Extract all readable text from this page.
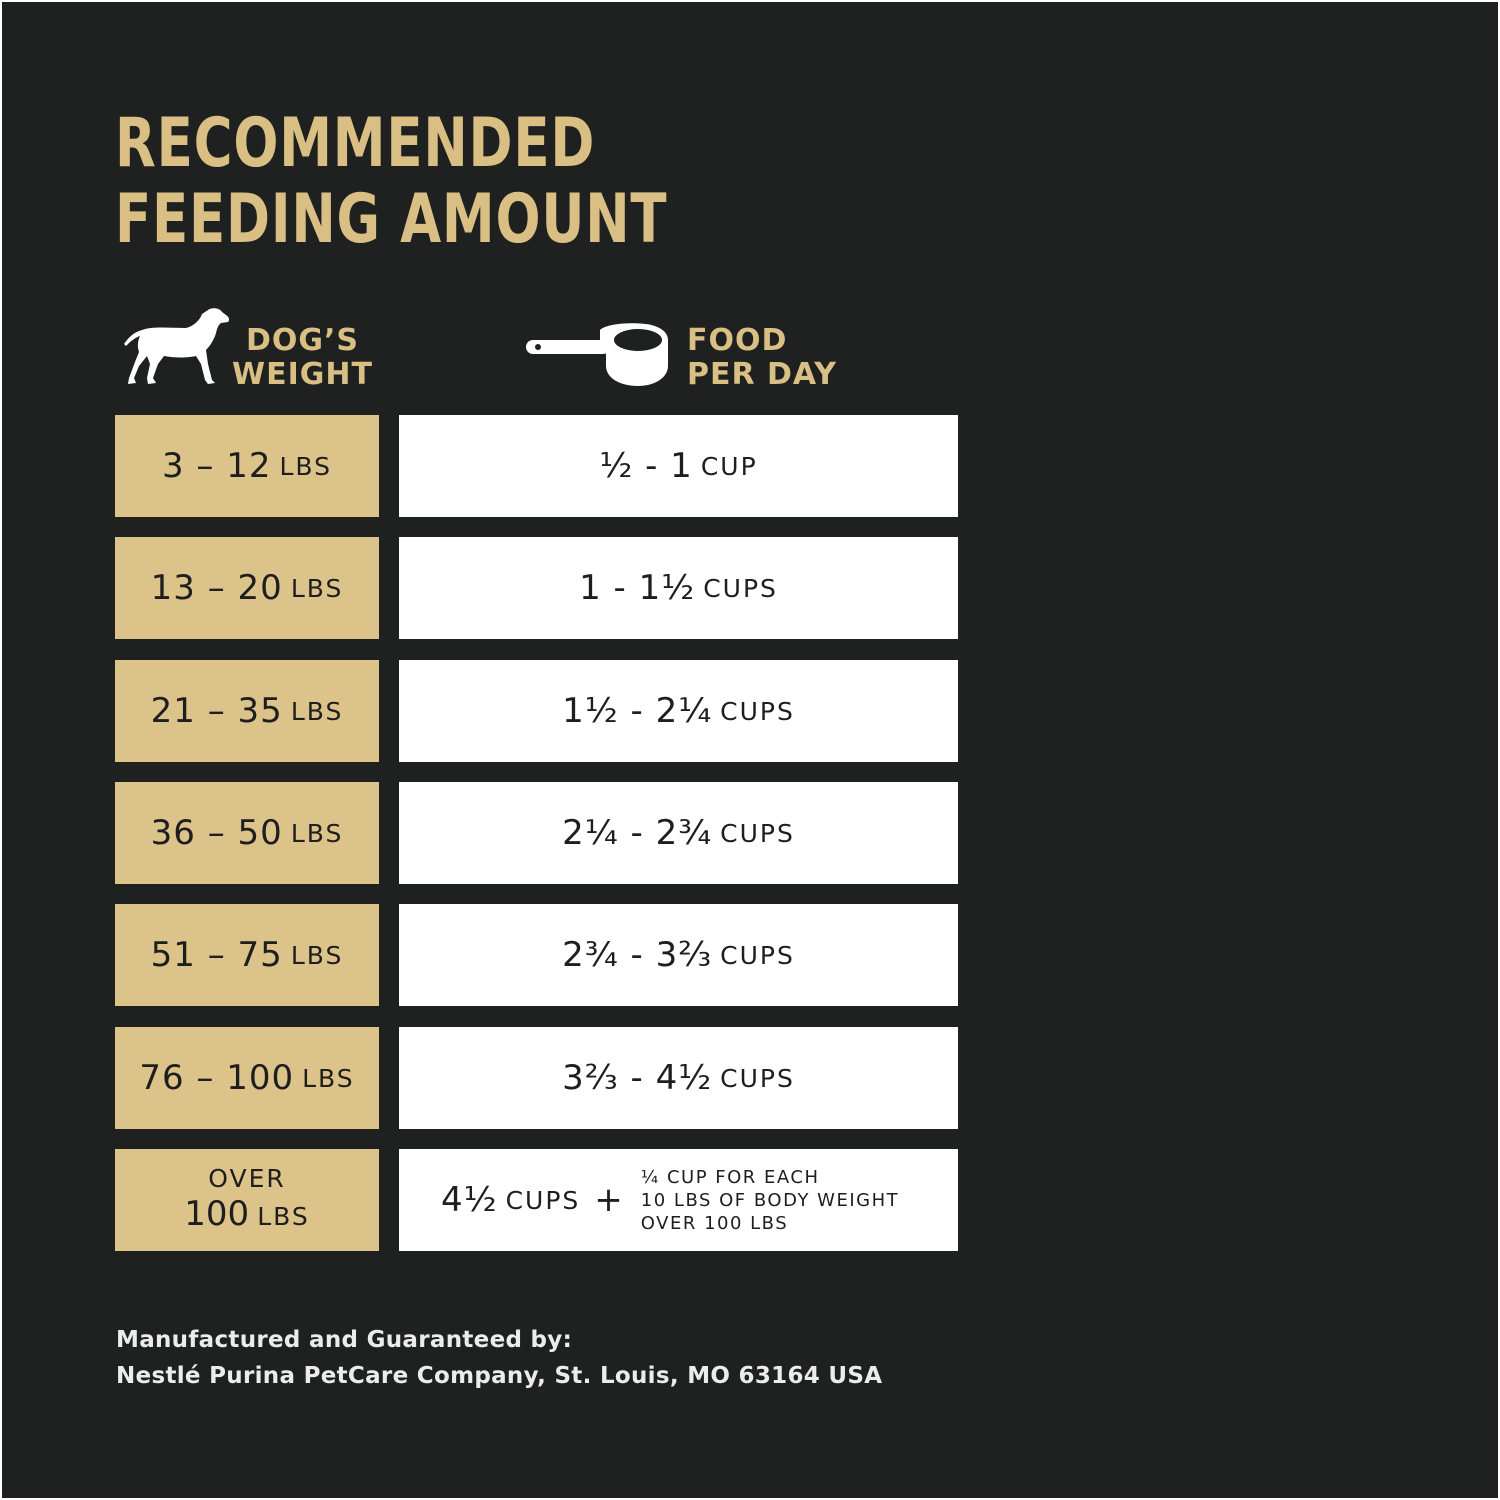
RECOMMENDED
FEEDING AMOUNT
DOG’S
WEIGHT
FOOD
PER DAY
3 – 12 LBS	½ - 1 CUP
13 – 20 LBS	1 - 1½ CUPS
21 – 35 LBS	1½ - 2¼ CUPS
36 – 50 LBS	2¼ - 2¾ CUPS
51 – 75 LBS	2¾ - 3⅔ CUPS
76 – 100 LBS	3⅔ - 4½ CUPS
OVER
100 LBS	4½ CUPS +
¼ CUP FOR EACH
10 LBS OF BODY WEIGHT
OVER 100 LBS
Manufactured and Guaranteed by:
Nestlé Purina PetCare Company, St. Louis, MO 63164 USA
